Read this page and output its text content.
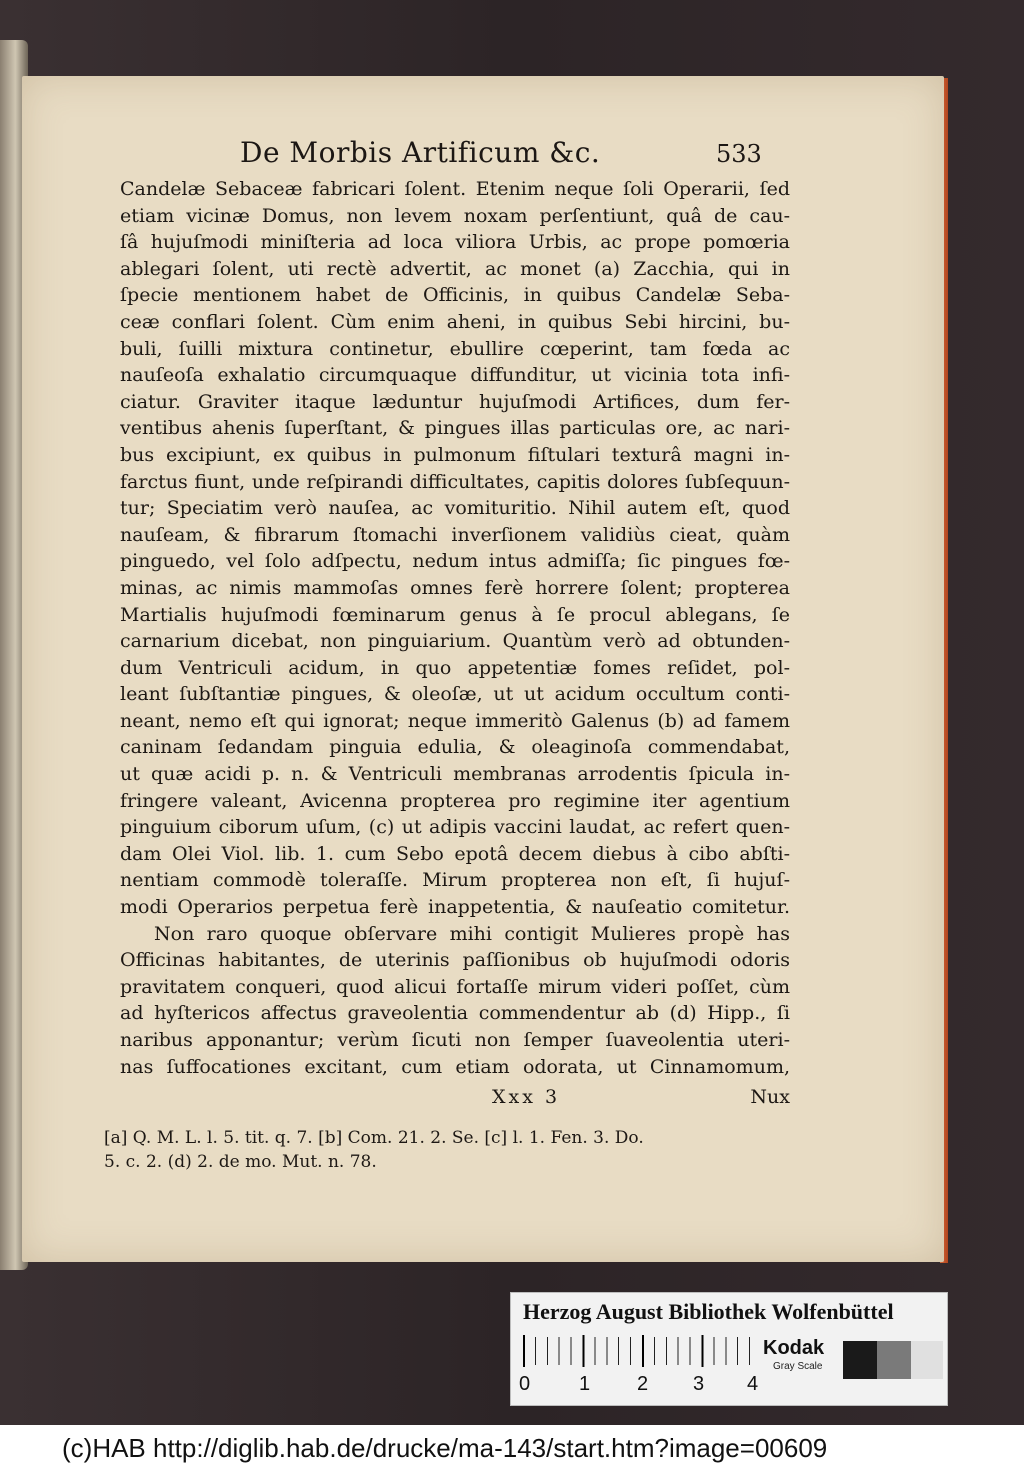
De Morbis Artificum &c.	533
Candelæ Sebaceæ fabricari ſolent. Etenim neque ſoli Operarii, ſed
etiam vicinæ Domus, non levem noxam perſentiunt, quâ de cau-
ſâ hujuſmodi miniſteria ad loca viliora Urbis, ac prope pomœria
ablegari ſolent, uti rectè advertit, ac monet (a) Zacchia, qui in
ſpecie mentionem habet de Officinis, in quibus Candelæ Seba-
ceæ conflari ſolent. Cùm enim aheni, in quibus Sebi hircini, bu-
buli, ſuilli mixtura continetur, ebullire cœperint, tam fœda ac
nauſeoſa exhalatio circumquaque diffunditur, ut vicinia tota infi-
ciatur. Graviter itaque læduntur hujuſmodi Artifices, dum fer-
ventibus ahenis ſuperſtant, & pingues illas particulas ore, ac nari-
bus excipiunt, ex quibus in pulmonum fiſtulari texturâ magni in-
farctus fiunt, unde reſpirandi difficultates, capitis dolores ſubſequun-
tur; Speciatim verò nauſea, ac vomituritio. Nihil autem eſt, quod
nauſeam, & fibrarum ſtomachi inverſionem validiùs cieat, quàm
pinguedo, vel ſolo adſpectu, nedum intus admiſſa; ſic pingues fœ-
minas, ac nimis mammoſas omnes ferè horrere ſolent; propterea
Martialis hujuſmodi fœminarum genus à ſe procul ablegans, ſe
carnarium dicebat, non pinguiarium. Quantùm verò ad obtunden-
dum Ventriculi acidum, in quo appetentiæ fomes reſidet, pol-
leant ſubſtantiæ pingues, & oleoſæ, ut ut acidum occultum conti-
neant, nemo eſt qui ignorat; neque immeritò Galenus (b) ad famem
caninam ſedandam pinguia edulia, & oleaginoſa commendabat,
ut quæ acidi p. n. & Ventriculi membranas arrodentis ſpicula in-
fringere valeant, Avicenna propterea pro regimine iter agentium
pinguium ciborum uſum, (c) ut adipis vaccini laudat, ac refert quen-
dam Olei Viol. lib. 1. cum Sebo epotâ decem diebus à cibo abſti-
nentiam commodè toleraſſe. Mirum propterea non eſt, ſi hujuſ-
modi Operarios perpetua ferè inappetentia, & nauſeatio comitetur.
Non raro quoque obſervare mihi contigit Mulieres propè has
Officinas habitantes, de uterinis paſſionibus ob hujuſmodi odoris
pravitatem conqueri, quod alicui fortaſſe mirum videri poſſet, cùm
ad hyſtericos affectus graveolentia commendentur ab (d) Hipp., ſi
naribus apponantur; verùm ſicuti non ſemper ſuaveolentia uteri-
nas ſuffocationes excitant, cum etiam odorata, ut Cinnamomum,
Xxx 3	Nux
[a] Q. M. L. l. 5. tit. q. 7. [b] Com. 21. 2. Se. [c] l. 1. Fen. 3. Do.
5. c. 2. (d) 2. de mo. Mut. n. 78.
Herzog August Bibliothek Wolfenbüttel
0 1 2 3 4
Kodak
Gray Scale
(c)HAB http://diglib.hab.de/drucke/ma-143/start.htm?image=00609
